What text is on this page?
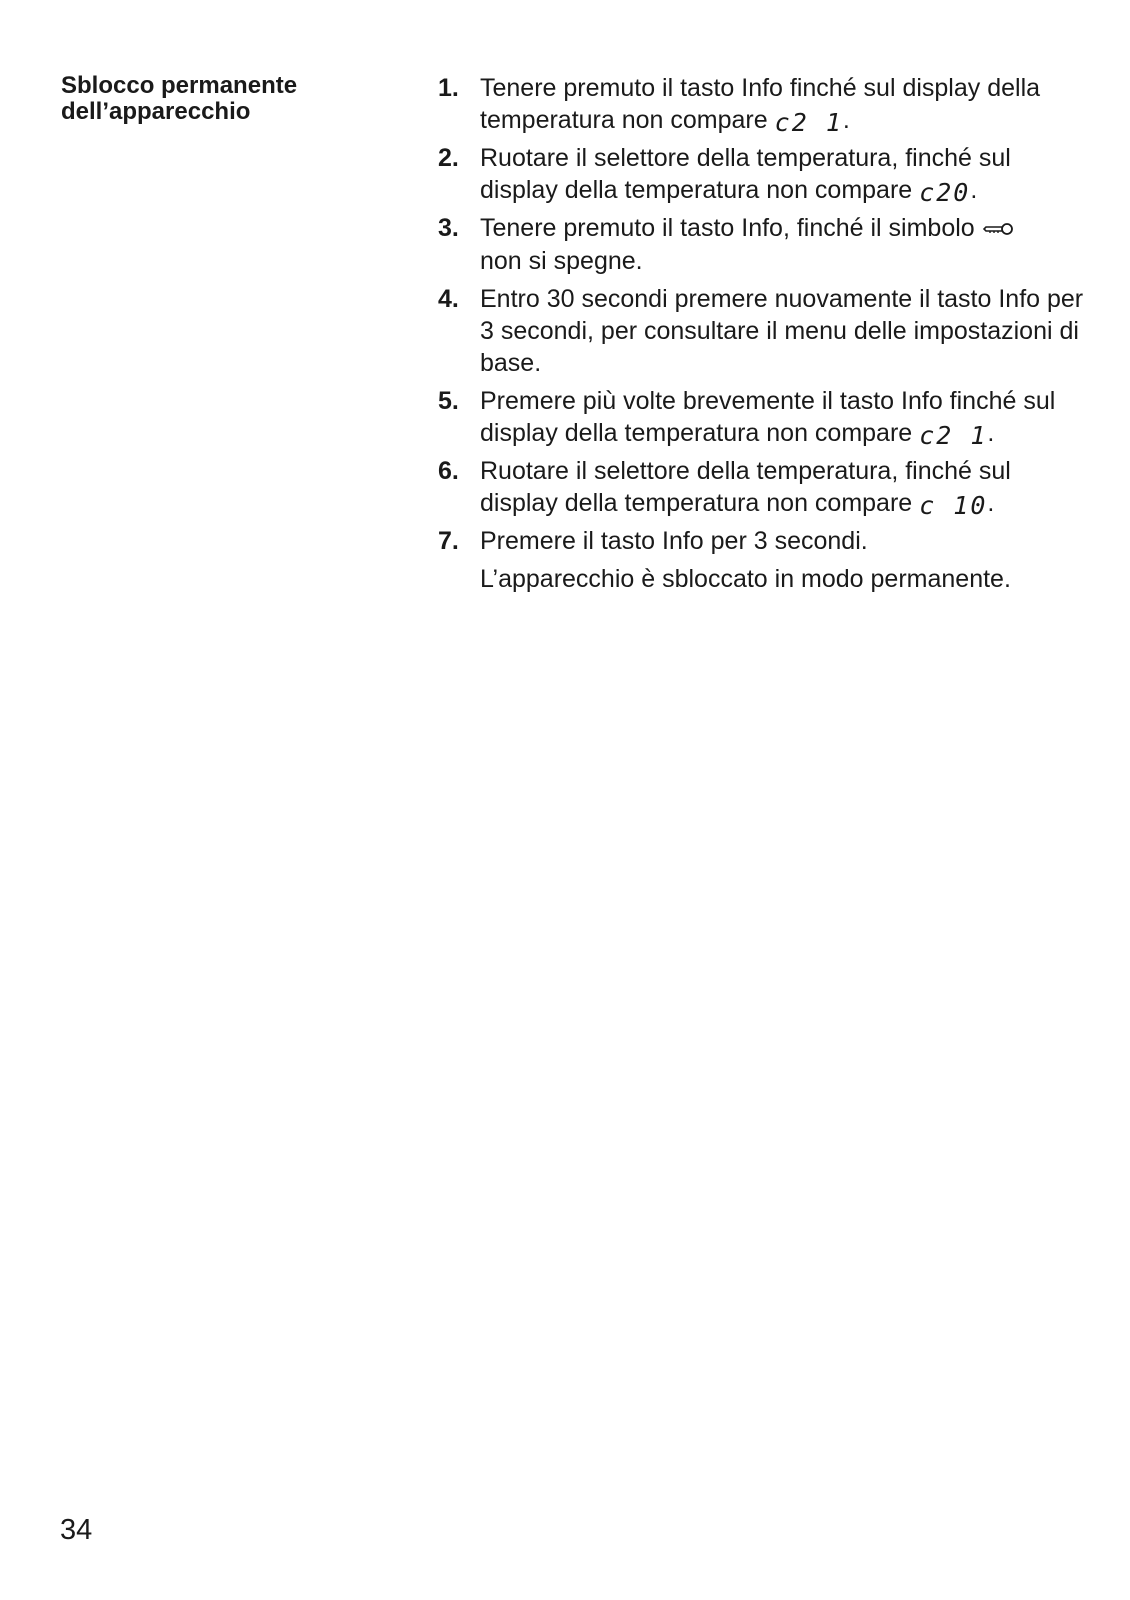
Sblocco permanente
dell’apparecchio
1. Tenere premuto il tasto Info finché sul display della temperatura non compare c2 1.
2. Ruotare il selettore della temperatura, finché sul display della temperatura non compare c20.
3. Tenere premuto il tasto Info, finché il simbolo
non si spegne.
4. Entro 30 secondi premere nuovamente il tasto Info per 3 secondi, per consultare il menu delle impostazioni di base.
5. Premere più volte brevemente il tasto Info finché sul display della temperatura non compare c2 1.
6. Ruotare il selettore della temperatura, finché sul display della temperatura non compare c 10.
7. Premere il tasto Info per 3 secondi.
L’apparecchio è sbloccato in modo permanente.
34
